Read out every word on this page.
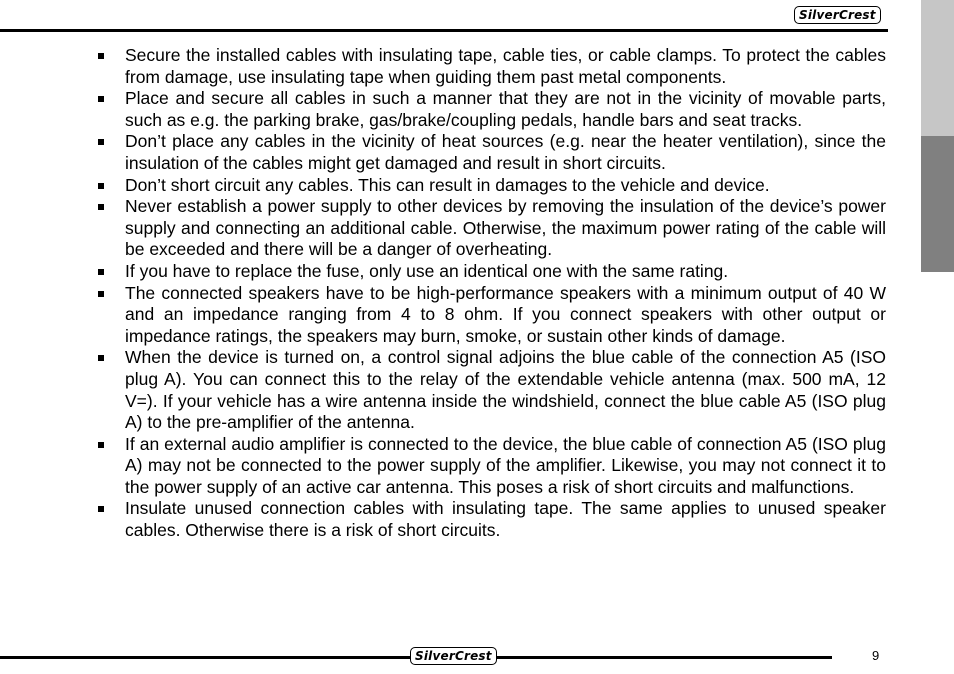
SilverCrest
Secure the installed cables with insulating tape, cable ties, or cable clamps. To protect the cables from damage, use insulating tape when guiding them past metal components.
Place and secure all cables in such a manner that they are not in the vicinity of movable parts, such as e.g. the parking brake, gas/brake/coupling pedals, handle bars and seat tracks.
Don’t place any cables in the vicinity of heat sources (e.g. near the heater ventilation), since the insulation of the cables might get damaged and result in short circuits.
Don’t short circuit any cables. This can result in damages to the vehicle and device.
Never establish a power supply to other devices by removing the insulation of the device’s power supply and connecting an additional cable. Otherwise, the maximum power rating of the cable will be exceeded and there will be a danger of overheating.
If you have to replace the fuse, only use an identical one with the same rating.
The connected speakers have to be high-performance speakers with a minimum output of 40 W and an impedance ranging from 4 to 8 ohm. If you connect speakers with other output or impedance ratings, the speakers may burn, smoke, or sustain other kinds of damage.
When the device is turned on, a control signal adjoins the blue cable of the connection A5 (ISO plug A). You can connect this to the relay of the extendable vehicle antenna (max. 500 mA, 12 V=). If your vehicle has a wire antenna inside the windshield, connect the blue cable A5 (ISO plug A) to the pre-amplifier of the antenna.
If an external audio amplifier is connected to the device, the blue cable of connection A5 (ISO plug A) may not be connected to the power supply of the amplifier. Likewise, you may not connect it to the power supply of an active car antenna. This poses a risk of short circuits and malfunctions.
Insulate unused connection cables with insulating tape. The same applies to unused speaker cables. Otherwise there is a risk of short circuits.
SilverCrest	9
